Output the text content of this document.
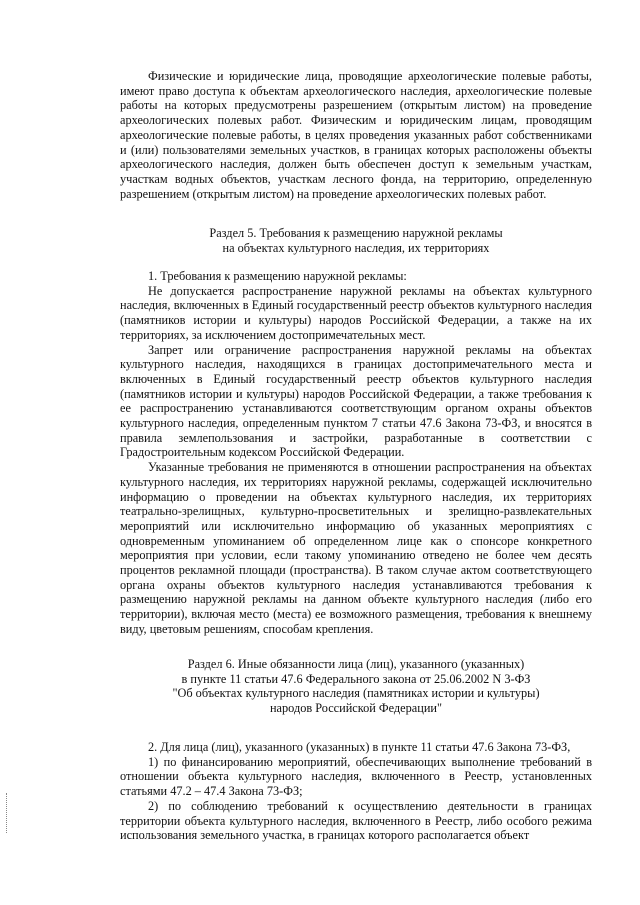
Физические и юридические лица, проводящие археологические полевые работы, имеют право доступа к объектам археологического наследия, археологические полевые работы на которых предусмотрены разрешением (открытым листом) на проведение археологических полевых работ. Физическим и юридическим лицам, проводящим археологические полевые работы, в целях проведения указанных работ собственниками и (или) пользователями земельных участков, в границах которых расположены объекты археологического наследия, должен быть обеспечен доступ к земельным участкам, участкам водных объектов, участкам лесного фонда, на территорию, определенную разрешением (открытым листом) на проведение археологических полевых работ.

Раздел 5. Требования к размещению наружной рекламы

на объектах культурного наследия, их территориях

1. Требования к размещению наружной рекламы:

Не допускается распространение наружной рекламы на объектах культурного наследия, включенных в Единый государственный реестр объектов культурного наследия (памятников истории и культуры) народов Российской Федерации, а также на их территориях, за исключением достопримечательных мест.

Запрет или ограничение распространения наружной рекламы на объектах культурного наследия, находящихся в границах достопримечательного места и включенных в Единый государственный реестр объектов культурного наследия (памятников истории и культуры) народов Российской Федерации, а также требования к ее распространению устанавливаются соответствующим органом охраны объектов культурного наследия, определенным пунктом 7 статьи 47.6 Закона 73-ФЗ, и вносятся в правила землепользования и застройки, разработанные в соответствии с Градостроительным кодексом Российской Федерации.

Указанные требования не применяются в отношении распространения на объектах культурного наследия, их территориях наружной рекламы, содержащей исключительно информацию о проведении на объектах культурного наследия, их территориях театрально-зрелищных, культурно-просветительных и зрелищно-развлекательных мероприятий или исключительно информацию об указанных мероприятиях с одновременным упоминанием об определенном лице как о спонсоре конкретного мероприятия при условии, если такому упоминанию отведено не более чем десять процентов рекламной площади (пространства). В таком случае актом соответствующего органа охраны объектов культурного наследия устанавливаются требования к размещению наружной рекламы на данном объекте культурного наследия (либо его территории), включая место (места) ее возможного размещения, требования к внешнему виду, цветовым решениям, способам крепления.

Раздел 6. Иные обязанности лица (лиц), указанного (указанных)

в пункте 11 статьи 47.6 Федерального закона от 25.06.2002 N 3-ФЗ

"Об объектах культурного наследия (памятниках истории и культуры)

народов Российской Федерации"

2. Для лица (лиц), указанного (указанных) в пункте 11 статьи 47.6 Закона 73-ФЗ,

1) по финансированию мероприятий, обеспечивающих выполнение требований в отношении объекта культурного наследия, включенного в Реестр, установленных статьями 47.2 – 47.4 Закона 73-ФЗ;

2) по соблюдению требований к осуществлению деятельности в границах территории объекта культурного наследия, включенного в Реестр, либо особого режима использования земельного участка, в границах которого располагается объект
